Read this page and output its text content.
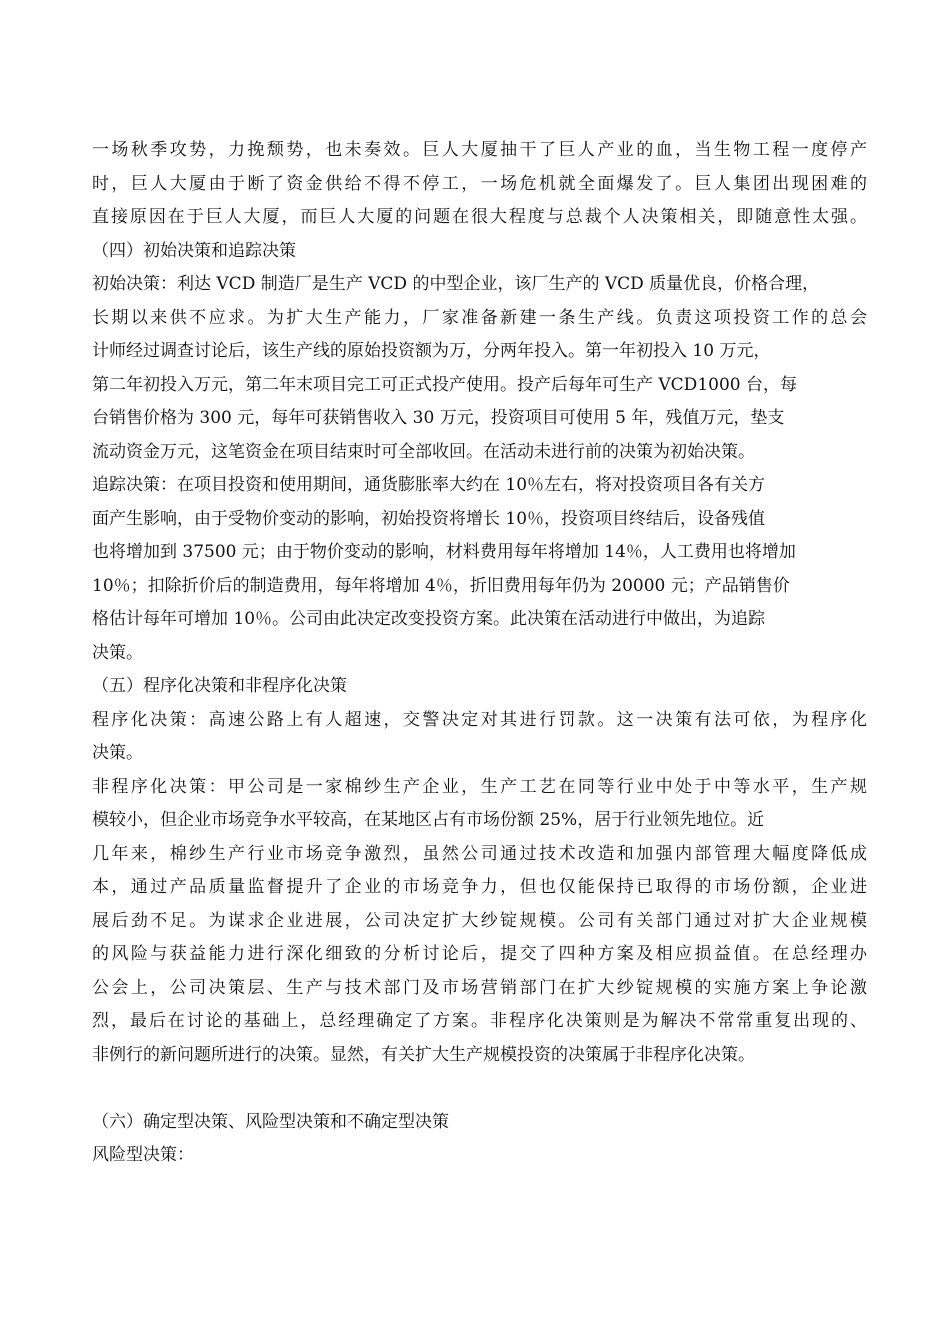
一场秋季攻势，力挽颓势，也未奏效。巨人大厦抽干了巨人产业的血，当生物工程一度停产
时，巨人大厦由于断了资金供给不得不停工，一场危机就全面爆发了。巨人集团出现困难的
直接原因在于巨人大厦，而巨人大厦的问题在很大程度与总裁个人决策相关，即随意性太强。
（四）初始决策和追踪决策
初始决策：利达 VCD 制造厂是生产 VCD 的中型企业，该厂生产的 VCD 质量优良，价格合理，
长期以来供不应求。为扩大生产能力，厂家准备新建一条生产线。负责这项投资工作的总会
计师经过调查讨论后，该生产线的原始投资额为万，分两年投入。第一年初投入 10 万元，
第二年初投入万元，第二年末项目完工可正式投产使用。投产后每年可生产 VCD1000 台，每
台销售价格为 300 元，每年可获销售收入 30 万元，投资项目可使用 5 年，残值万元，垫支
流动资金万元，这笔资金在项目结束时可全部收回。在活动未进行前的决策为初始决策。
追踪决策：在项目投资和使用期间，通货膨胀率大约在 10％左右，将对投资项目各有关方
面产生影响，由于受物价变动的影响，初始投资将增长 10％，投资项目终结后，设备残值
也将增加到 37500 元；由于物价变动的影响，材料费用每年将增加 14％，人工费用也将增加
10％；扣除折价后的制造费用，每年将增加 4％，折旧费用每年仍为 20000 元；产品销售价
格估计每年可增加 10％。公司由此决定改变投资方案。此决策在活动进行中做出，为追踪
决策。
（五）程序化决策和非程序化决策
程序化决策：高速公路上有人超速，交警决定对其进行罚款。这一决策有法可依，为程序化
决策。
非程序化决策：甲公司是一家棉纱生产企业，生产工艺在同等行业中处于中等水平，生产规
模较小，但企业市场竞争水平较高，在某地区占有市场份额 25%，居于行业领先地位。近
几年来，棉纱生产行业市场竞争激烈，虽然公司通过技术改造和加强内部管理大幅度降低成
本，通过产品质量监督提升了企业的市场竞争力，但也仅能保持已取得的市场份额，企业进
展后劲不足。为谋求企业进展，公司决定扩大纱锭规模。公司有关部门通过对扩大企业规模
的风险与获益能力进行深化细致的分析讨论后，提交了四种方案及相应损益值。在总经理办
公会上，公司决策层、生产与技术部门及市场营销部门在扩大纱锭规模的实施方案上争论激
烈，最后在讨论的基础上，总经理确定了方案。非程序化决策则是为解决不常常重复出现的、
非例行的新问题所进行的决策。显然，有关扩大生产规模投资的决策属于非程序化决策。
（六）确定型决策、风险型决策和不确定型决策
风险型决策：
